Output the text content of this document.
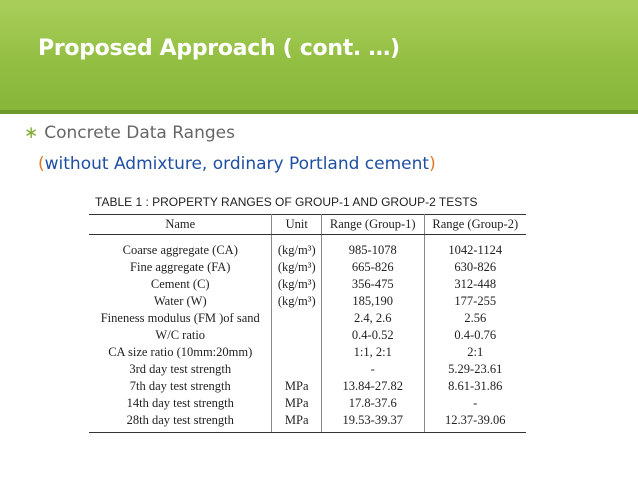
Proposed Approach ( cont. …)
∗ Concrete Data Ranges
(without Admixture, ordinary Portland cement)
TABLE 1 : PROPERTY RANGES OF GROUP-1 AND GROUP-2 TESTS
Name	Unit	Range (Group-1)	Range (Group-2)
Coarse aggregate (CA)	(kg/m³)	985-1078	1042-1124
Fine aggregate (FA)	(kg/m³)	665-826	630-826
Cement (C)	(kg/m³)	356-475	312-448
Water (W)	(kg/m³)	185,190	177-255
Fineness modulus (FM )of sand		2.4, 2.6	2.56
W/C ratio		0.4-0.52	0.4-0.76
CA size ratio (10mm:20mm)		1:1, 2:1	2:1
3rd day test strength		-	5.29-23.61
7th day test strength	MPa	13.84-27.82	8.61-31.86
14th day test strength	MPa	17.8-37.6	-
28th day test strength	MPa	19.53-39.37	12.37-39.06
